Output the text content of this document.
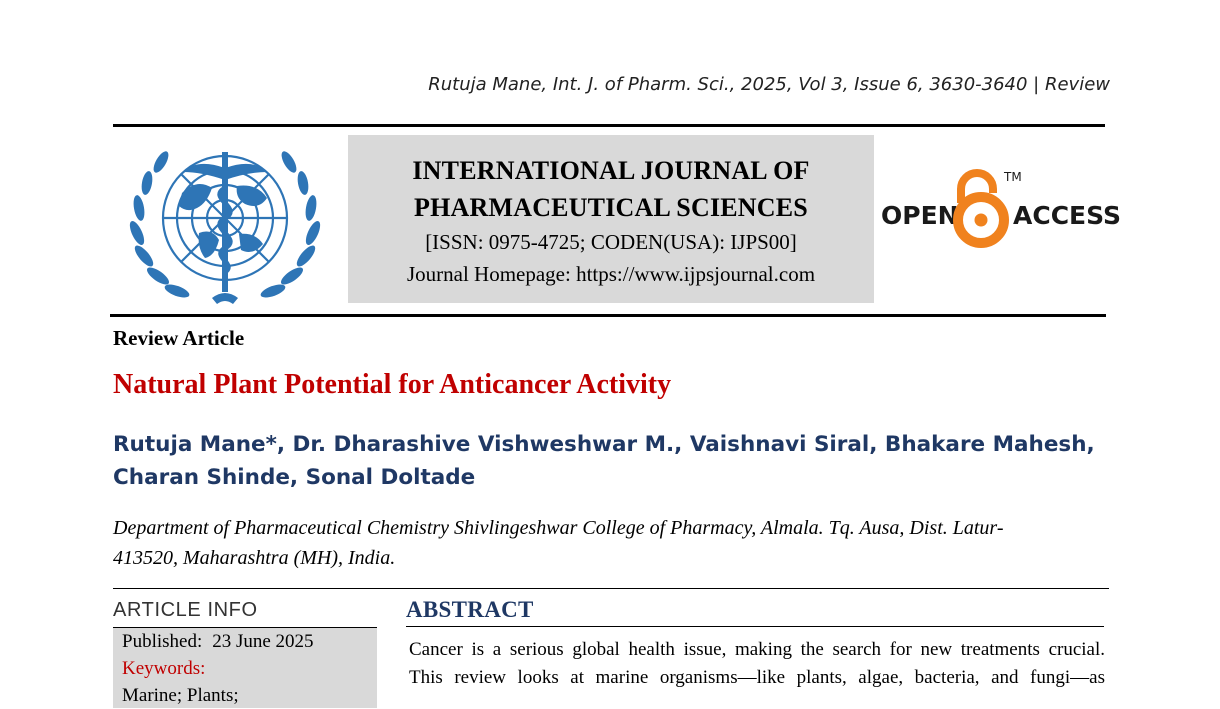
Rutuja Mane, Int. J. of Pharm. Sci., 2025, Vol 3, Issue 6, 3630-3640 | Review
INTERNATIONAL JOURNAL OF
PHARMACEUTICAL SCIENCES
[ISSN: 0975-4725; CODEN(USA): IJPS00]
Journal Homepage: https://www.ijpsjournal.com
OPEN ACCESS
TM
Review Article
Natural Plant Potential for Anticancer Activity
Rutuja Mane*, Dr. Dharashive Vishweshwar M., Vaishnavi Siral, Bhakare Mahesh,
Charan Shinde, Sonal Doltade
Department of Pharmaceutical Chemistry Shivlingeshwar College of Pharmacy, Almala. Tq. Ausa, Dist. Latur-
413520, Maharashtra (MH), India.
ARTICLE INFO
Published: 23 June 2025
Keywords:
Marine; Plants;
ABSTRACT
Cancer is a serious global health issue, making the search for new treatments crucial.
This review looks at marine organisms—like plants, algae, bacteria, and fungi—as
